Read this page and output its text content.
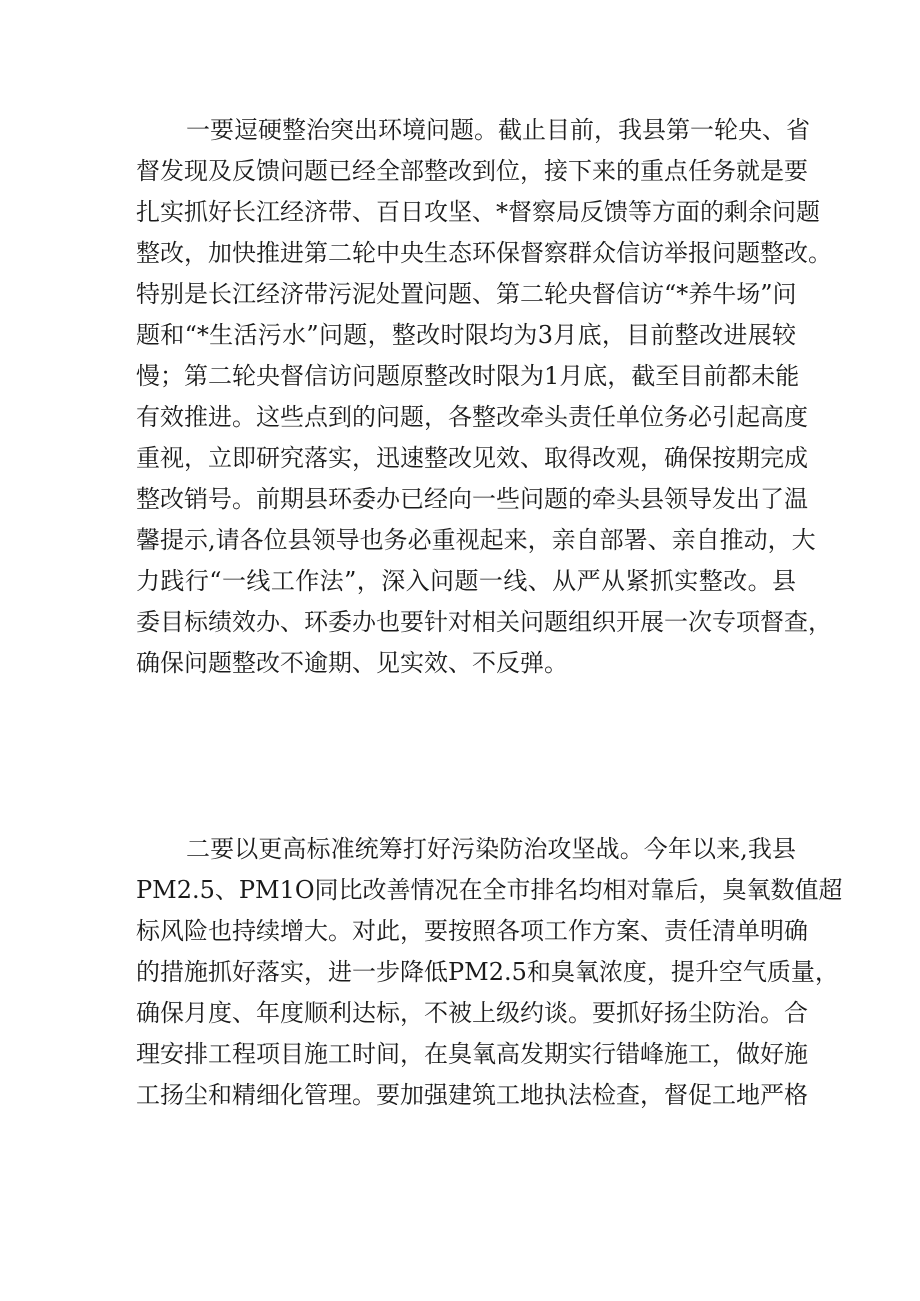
一要逗硬整治突出环境问题。截止目前，我县第一轮央、省
督发现及反馈问题已经全部整改到位，接下来的重点任务就是要
扎实抓好长江经济带、百日攻坚、*督察局反馈等方面的剩余问题
整改，加快推进第二轮中央生态环保督察群众信访举报问题整改。
特别是长江经济带污泥处置问题、第二轮央督信访“*养牛场”问
题和“*生活污水”问题，整改时限均为3月底，目前整改进展较
慢；第二轮央督信访问题原整改时限为1月底，截至目前都未能
有效推进。这些点到的问题，各整改牵头责任单位务必引起高度
重视，立即研究落实，迅速整改见效、取得改观，确保按期完成
整改销号。前期县环委办已经向一些问题的牵头县领导发出了温
馨提示,请各位县领导也务必重视起来，亲自部署、亲自推动，大
力践行“一线工作法”，深入问题一线、从严从紧抓实整改。县
委目标绩效办、环委办也要针对相关问题组织开展一次专项督查，
确保问题整改不逾期、见实效、不反弹。
二要以更高标准统筹打好污染防治攻坚战。今年以来,我县
PM2.5、PM1O同比改善情况在全市排名均相对靠后，臭氧数值超
标风险也持续增大。对此，要按照各项工作方案、责任清单明确
的措施抓好落实，进一步降低PM2.5和臭氧浓度，提升空气质量，
确保月度、年度顺利达标，不被上级约谈。要抓好扬尘防治。合
理安排工程项目施工时间，在臭氧高发期实行错峰施工，做好施
工扬尘和精细化管理。要加强建筑工地执法检查，督促工地严格
